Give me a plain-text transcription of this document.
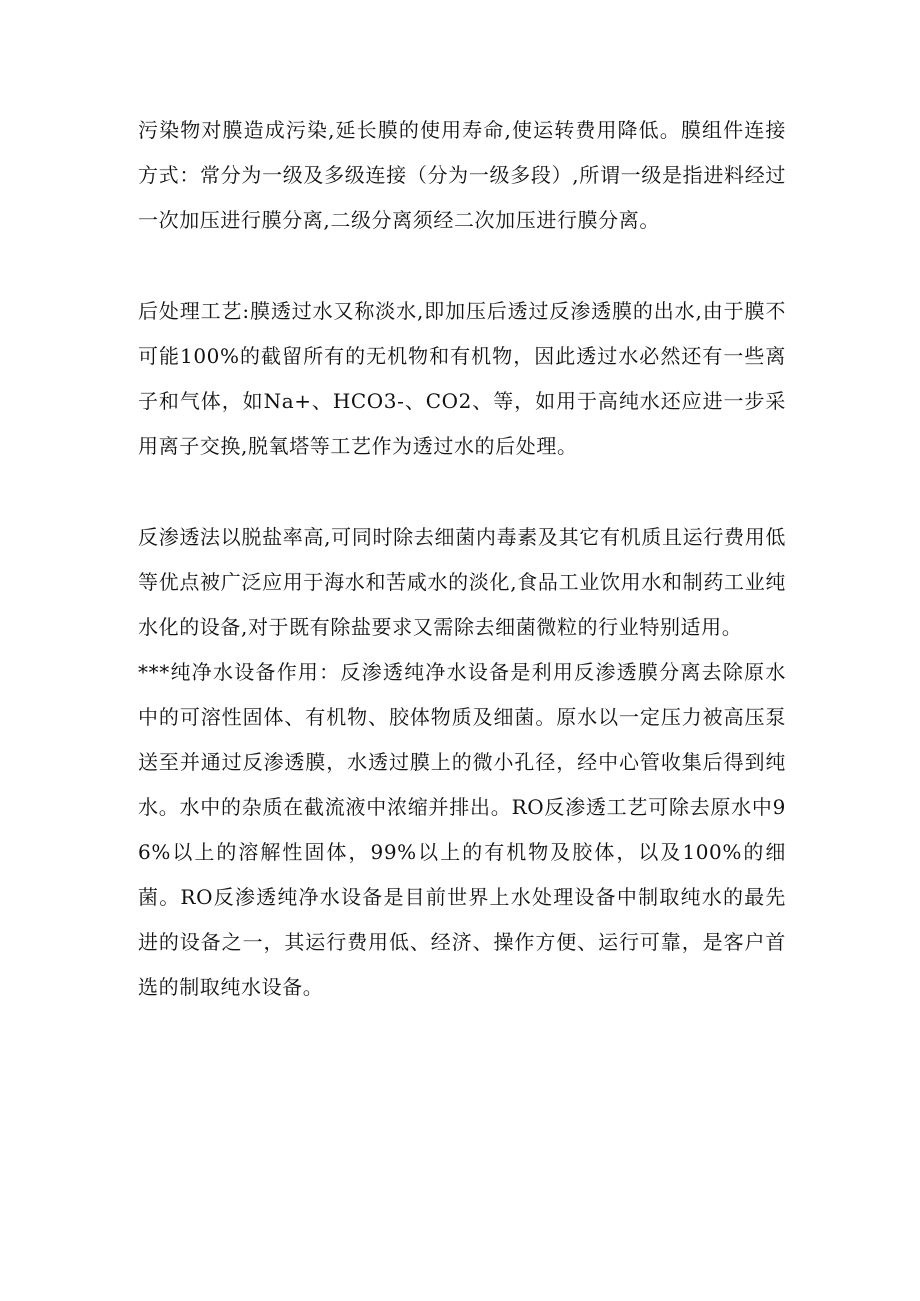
污染物对膜造成污染,延长膜的使用寿命,使运转费用降低。膜组件连接方式：常分为一级及多级连接（分为一级多段）,所谓一级是指进料经过一次加压进行膜分离,二级分离须经二次加压进行膜分离。

后处理工艺:膜透过水又称淡水,即加压后透过反渗透膜的出水,由于膜不可能100%的截留所有的无机物和有机物，因此透过水必然还有一些离子和气体，如Na+、HCO3-、CO2、等，如用于高纯水还应进一步采用离子交换,脱氧塔等工艺作为透过水的后处理。

反渗透法以脱盐率高,可同时除去细菌内毒素及其它有机质且运行费用低等优点被广泛应用于海水和苦咸水的淡化,食品工业饮用水和制药工业纯水化的设备,对于既有除盐要求又需除去细菌微粒的行业特别适用。

***纯净水设备作用：反渗透纯净水设备是利用反渗透膜分离去除原水中的可溶性固体、有机物、胶体物质及细菌。原水以一定压力被高压泵送至并通过反渗透膜，水透过膜上的微小孔径，经中心管收集后得到纯水。水中的杂质在截流液中浓缩并排出。RO反渗透工艺可除去原水中96%以上的溶解性固体，99%以上的有机物及胶体，以及100%的细菌。RO反渗透纯净水设备是目前世界上水处理设备中制取纯水的最先进的设备之一，其运行费用低、经济、操作方便、运行可靠，是客户首选的制取纯水设备。
